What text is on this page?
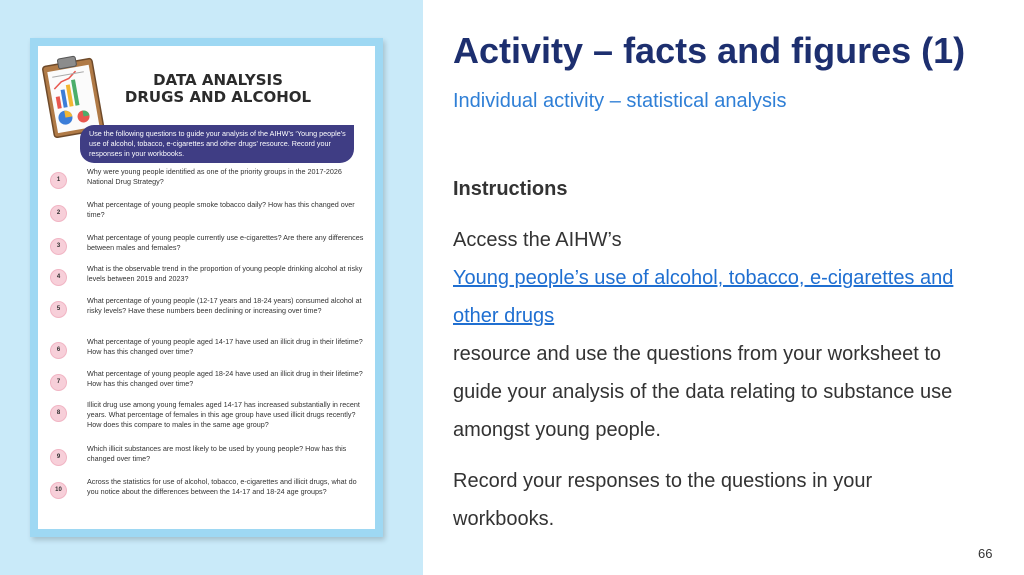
DATA ANALYSIS
DRUGS AND ALCOHOL
Use the following questions to guide your analysis of the AIHW’s ‘Young people’s use of alcohol, tobacco, e-cigarettes and other drugs’ resource. Record your responses in your workbooks.
1
Why were young people identified as one of the priority groups in the 2017-2026 National Drug Strategy?
2
What percentage of young people smoke tobacco daily? How has this changed over time?
3
What percentage of young people currently use e-cigarettes? Are there any differences between males and females?
4
What is the observable trend in the proportion of young people drinking alcohol at risky levels between 2019 and 2023?
5
What percentage of young people (12-17 years and 18-24 years) consumed alcohol at risky levels? Have these numbers been declining or increasing over time?
6
What percentage of young people aged 14-17 have used an illicit drug in their lifetime? How has this changed over time?
7
What percentage of young people aged 18-24 have used an illicit drug in their lifetime? How has this changed over time?
8
Illicit drug use among young females aged 14-17 has increased substantially in recent years. What percentage of females in this age group have used illicit drugs recently? How does this compare to males in the same age group?
9
Which illicit substances are most likely to be used by young people? How has this changed over time?
10
Across the statistics for use of alcohol, tobacco, e-cigarettes and illicit drugs, what do you notice about the differences between the 14-17 and 18-24 age groups?
Activity – facts and figures (1)
Individual activity – statistical analysis
Instructions

Access the AIHW’s

Young people’s use of alcohol, tobacco, e-cigarettes and

other drugs

resource and use the questions from your worksheet to

guide your analysis of the data relating to substance use

amongst young people.

Record your responses to the questions in your

workbooks.

66
